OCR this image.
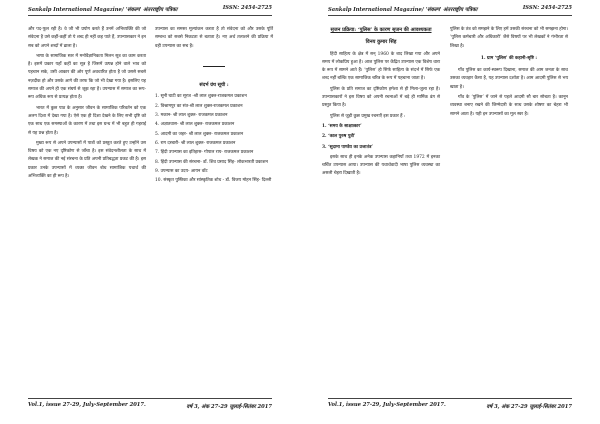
Sankalp International Magazine/ 'संकल्प' अंतरराष्ट्रीय पत्रिका	ISSN: 2454-2725

और पद-फूल रही है। वे जी भी प्रयोग करते हैं उनमें अभिव्यक्ति की जो संवेदना है उसे कहीं-कहीं तो ये शब्द ही नहीं कह पाते हैं, उपन्यासकार ने इन सब को अपने शब्दों में ढाला है।

भाषा के सामाजिक स्तर में मनोवैज्ञानिकता मिलन सूत्र का काम करता है। इसमें प्रकार यहाँ कहीं का सूत्र है जिसमें उत्पन्न होने वाले भाव को पहचान सके, उसी आकार की ओर पूर्ण अवधारित होता है जो उससे सबसे नज़दीक हो और उसके आगे की तरफ कि जो भी देखा गया है। इसलिए यह समाज की अपने ही एक संघर्ष से जूझ रहा है। उपन्यास में समाज का रूप-रूप अधिक रूप से प्रत्यक्ष होता है।

भारत में कुछ पाठ के अनुसार जीवन के सामाजिक परिवर्तन को एक अलग दिशा में देखा गया है। ऐसे एक ही दिशा देखने के लिए सभी दृष्टि को एक साथ एक समस्याओं के कारण में तथा इस ग्रन्थ में भी बहुत ही गहराई से यह प्रश्न होता है।

मुख्य रूप से अपने उपन्यासों में पात्रों को प्रस्तुत करते हुए उन्होंने उस विषय को एक नए दृष्टिकोण से जाँचा है। इस संवेदनशीलता के साथ में लेखक ने समाज की नई संरचना के प्रति अपनी प्रतिबद्धता प्रकट की है। इस प्रकार उनके उपन्यासों में व्यक्त जीवन बोध सामाजिक यथार्थ की अभिव्यक्ति का ही रूप है।

उपन्यास का समस्त मूल्यांकन करता है तो संवेदना को और उसके पूर्ति सम्बन्ध को सबसे निकटता से बताता है। नए अर्थ तलाशने की प्रक्रिया में वही उपन्यास का सच है।

संदर्भ ग्रंथ सूची :
1. सूनी घाटी का सूरज -श्री लाल शुक्ल-राजकमल प्रकाशन
2. विश्रामपुर का संत-श्री लाल शुक्ल-राजकमल प्रकाशन
3. मकान- श्री लाल शुक्ल- राजकमल प्रकाशन
4. अज्ञातवास- श्री लाल शुक्ल- राजकमल प्रकाशन
5. आदमी का जहर- श्री लाल शुक्ल- राजकमल प्रकाशन
6. राग दरबारी- श्री लाल शुक्ल- राजकमल प्रकाशन
7. हिंदी उपन्यास का इतिहास- गोपाल राय- राजकमल प्रकाशन
8. हिंदी उपन्यास की संरचना- डॉ. शिव प्रसाद सिंह- लोकभारती प्रकाशन
9. उपन्यास का उदय- आयन वॉट
10. संस्कृत पुस्तिका और सांस्कृतिक शोध - डॉ. विजय मोहन सिंह- दिल्ली
Vol.1, issue 27-29, July-September 2017.	वर्ष 3, अंक 27-29 जुलाई-सितंबर 2017
Sankalp International Magazine/ 'संकल्प' अंतरराष्ट्रीय पत्रिका	ISSN: 2454-2725
सृजन प्रक्रिया: ‘पुलिस’ के कारण सृजन की आवश्यकता
विनय कुमार सिंह

हिंदी साहित्य के क्षेत्र में सन् 1960 के बाद लिखा गया और अपने समय में लोकप्रिय हुआ है। आज पुलिस पर केंद्रित उपन्यास एक विशेष धारा के रूप में सामने आते हैं। ‘पुलिस’ हो सिर्फ साहित्य के संदर्भ में सिर्फ एक शब्द नहीं बल्कि एक सामाजिक चरित्र के रूप में पहचाना जाता है।

पुलिस के प्रति समाज का दृष्टिकोण हमेशा से ही मिला-जुला रहा है। उपन्यासकारों ने इस विषय को अपनी रचनाओं में बड़े ही मार्मिक ढंग से प्रस्तुत किया है।

पुलिस से जुड़ी कुछ प्रमुख रचनाएँ इस प्रकार हैं :

1. ‘समय के साक्षात्कार’

2. ‘काल पुरुष पुत्री’

3. ‘सुदामा पाण्डेय का प्रजातंत्र’

इसके साथ ही इनके अनेक उपन्यास कहानियाँ तथा 1972 में इनका चर्चित उपन्यास आया। उपन्यास की यथार्थवादी भाषा पुलिस व्यवस्था का असली चेहरा दिखाती है।

पुलिस के तंत्र को समझने के लिए हमें उसकी संरचना को भी समझना होगा। ‘पुलिस कर्मचारी और अधिकारी’ जैसे विषयों पर भी लेखकों ने गंभीरता से लिखा है।

1. ग्राम ‘पुलिस’ की कहानी-सृष्टि :

गाँव पुलिस का कार्य-स्वरूप दिखाना, समाज की आम जनता के साथ उसका व्यवहार कैसा है, यह उपन्यास दर्शाता है। आम आदमी पुलिस से भय खाता है।

गाँव के ‘पुलिस’ में जाने से पहले आदमी सौ बार सोचता है। कानून व्यवस्था बनाए रखने की जिम्मेदारी के साथ उसके शोषण का चेहरा भी सामने आता है। यही इन उपन्यासों का मूल स्वर है।

Vol.1, issue 27-29, July-September 2017.	वर्ष 3, अंक 27-29 जुलाई-सितंबर 2017
